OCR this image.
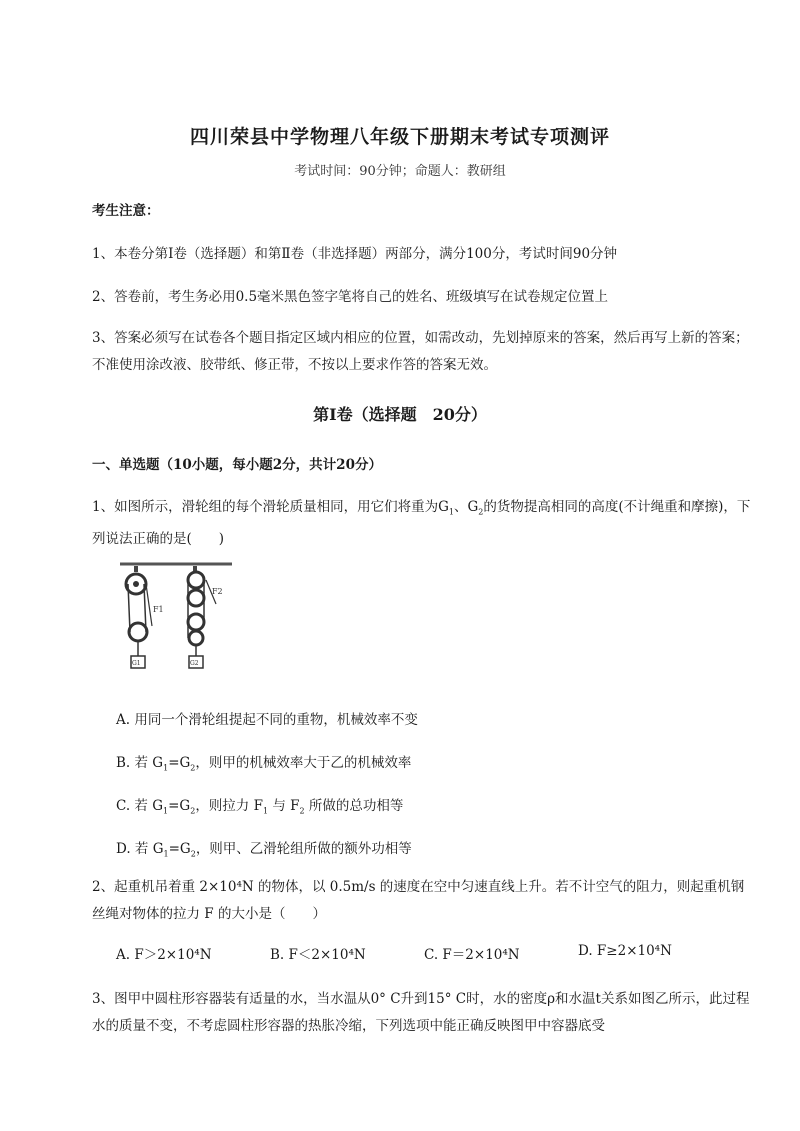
四川荣县中学物理八年级下册期末考试专项测评
考试时间：90分钟；命题人：教研组

考生注意：

1、本卷分第I卷（选择题）和第Ⅱ卷（非选择题）两部分，满分100分，考试时间90分钟

2、答卷前，考生务必用0.5毫米黑色签字笔将自己的姓名、班级填写在试卷规定位置上

3、答案必须写在试卷各个题目指定区域内相应的位置，如需改动，先划掉原来的答案，然后再写上新的答案；不准使用涂改液、胶带纸、修正带，不按以上要求作答的答案无效。

第I卷（选择题　20分）

一、单选题（10小题，每小题2分，共计20分）

1、如图所示，滑轮组的每个滑轮质量相同，用它们将重为$G_1$、$G_2$的货物提高相同的高度(不计绳重和摩擦)，下列说法正确的是(　　)

F1
G1
F2
G2
A. 用同一个滑轮组提起不同的重物，机械效率不变
B. 若 $G_1=G_2$，则甲的机械效率大于乙的机械效率
C. 若 $G_1=G_2$，则拉力 $F_1$ 与 $F_2$ 所做的总功相等
D. 若 $G_1=G_2$，则甲、乙滑轮组所做的额外功相等

2、起重机吊着重 2×10⁴N 的物体，以 0.5m/s 的速度在空中匀速直线上升。若不计空气的阻力，则起重机钢丝绳对物体的拉力 F 的大小是（　　）

A. F＞2×10⁴N	B. F＜2×10⁴N	C. F＝2×10⁴N	D. F≥2×10⁴N

3、图甲中圆柱形容器装有适量的水，当水温从0° C升到15° C时，水的密度ρ和水温t关系如图乙所示，此过程水的质量不变，不考虑圆柱形容器的热胀冷缩，下列选项中能正确反映图甲中容器底受
